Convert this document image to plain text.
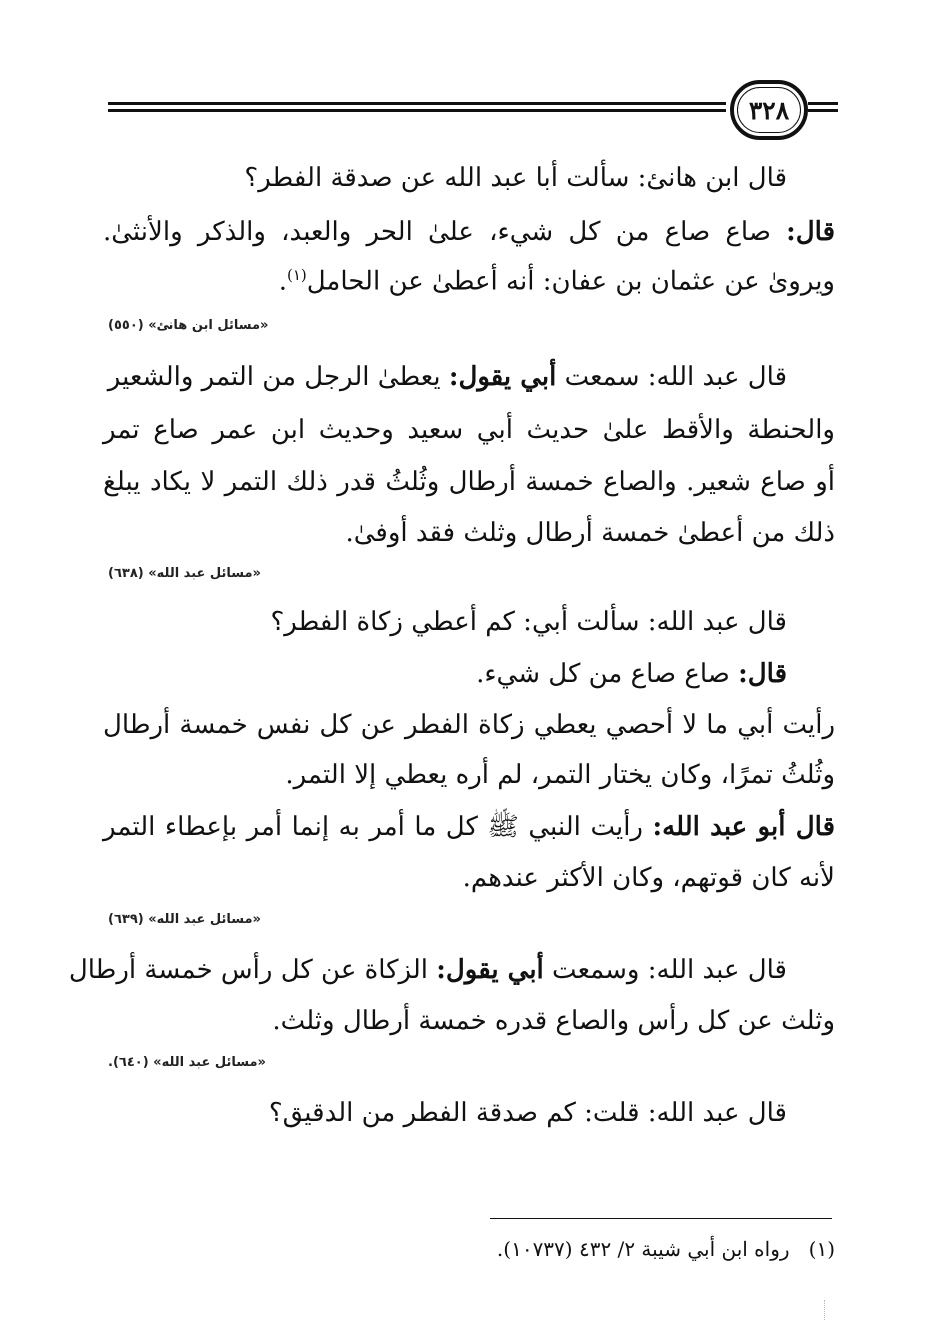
٣٢٨
قال ابن هانئ: سألت أبا عبد الله عن صدقة الفطر؟
قال: صاع صاع من كل شيء، علىٰ الحر والعبد، والذكر والأنثىٰ.
ويروىٰ عن عثمان بن عفان: أنه أعطىٰ عن الحامل$^{(١)}$.
«مسائل ابن هانئ» (٥٥٠)
قال عبد الله: سمعت أبي يقول: يعطىٰ الرجل من التمر والشعير
والحنطة والأقط علىٰ حديث أبي سعيد وحديث ابن عمر صاع تمر
أو صاع شعير. والصاع خمسة أرطال وثُلثُ قدر ذلك التمر لا يكاد يبلغ
ذلك من أعطىٰ خمسة أرطال وثلث فقد أوفىٰ.
«مسائل عبد الله» (٦٣٨)
قال عبد الله: سألت أبي: كم أعطي زكاة الفطر؟
قال: صاع صاع من كل شيء.
رأيت أبي ما لا أحصي يعطي زكاة الفطر عن كل نفس خمسة أرطال
وثُلثُ تمرًا، وكان يختار التمر، لم أره يعطي إلا التمر.
قال أبو عبد الله: رأيت النبي ﷺ كل ما أمر به إنما أمر بإعطاء التمر
لأنه كان قوتهم، وكان الأكثر عندهم.
«مسائل عبد الله» (٦٣٩)
قال عبد الله: وسمعت أبي يقول: الزكاة عن كل رأس خمسة أرطال
وثلث عن كل رأس والصاع قدره خمسة أرطال وثلث.
«مسائل عبد الله» (٦٤٠).
قال عبد الله: قلت: كم صدقة الفطر من الدقيق؟
(١)   رواه ابن أبي شيبة ٢/ ٤٣٢ (١٠٧٣٧).
